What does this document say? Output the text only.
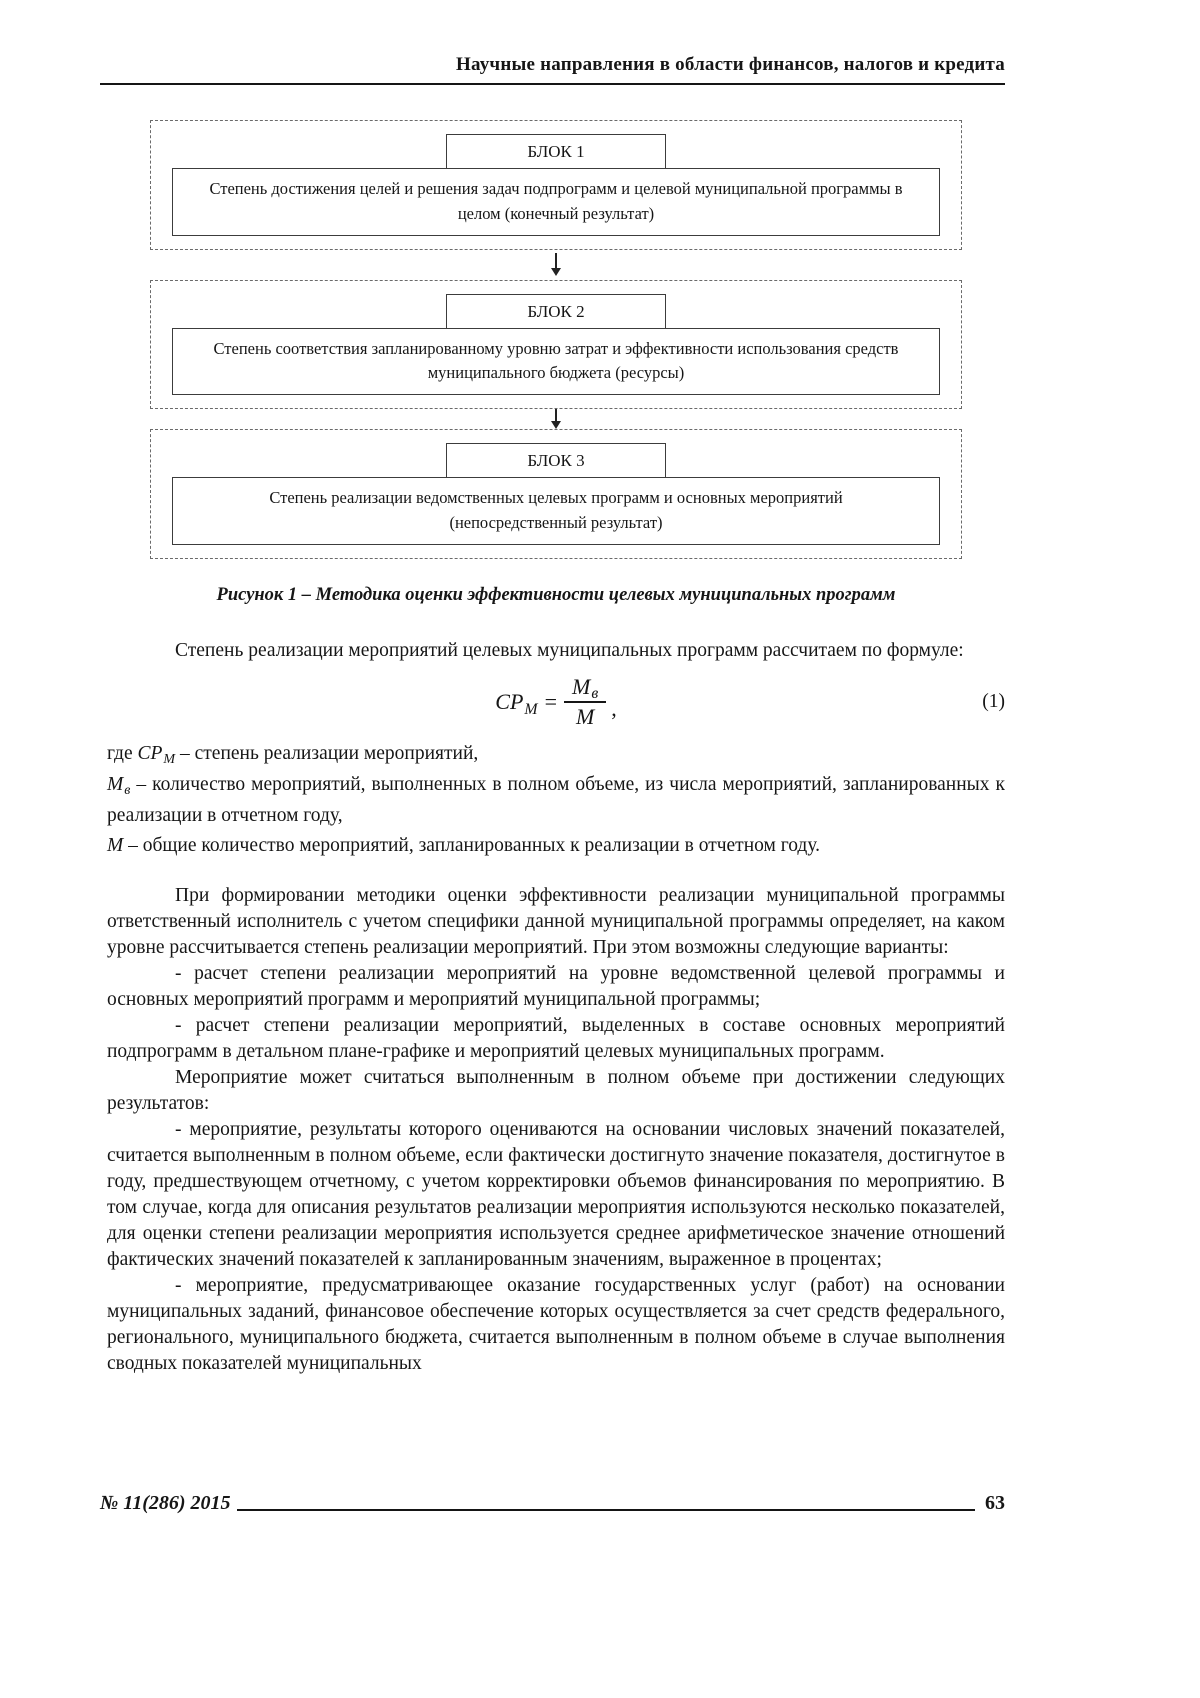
Научные направления в области финансов, налогов и кредита
БЛОК 1
Степень достижения целей и решения задач подпрограмм и целевой муниципальной программы в целом (конечный результат)
БЛОК 2
Степень соответствия запланированному уровню затрат и эффективности использования средств муниципального бюджета (ресурсы)
БЛОК 3
Степень реализации ведомственных целевых программ и основных мероприятий (непосредственный результат)
Рисунок 1 – Методика оценки эффективности целевых муниципальных программ

Степень реализации мероприятий целевых муниципальных программ рассчитаем по формуле:

$СР_М = \frac{М_в}{М}$ ,	(1)

где $СР_М$ – степень реализации мероприятий,

$М_в$ – количество мероприятий, выполненных в полном объеме, из числа мероприятий, запланированных к реализации в отчетном году,

М – общие количество мероприятий, запланированных к реализации в отчетном году.

При формировании методики оценки эффективности реализации муниципальной программы ответственный исполнитель с учетом специфики данной муниципальной программы определяет, на каком уровне рассчитывается степень реализации мероприятий. При этом возможны следующие варианты:

- расчет степени реализации мероприятий на уровне ведомственной целевой программы и основных мероприятий программ и мероприятий муниципальной программы;

- расчет степени реализации мероприятий, выделенных в составе основных мероприятий подпрограмм в детальном плане-графике и мероприятий целевых муниципальных программ.

Мероприятие может считаться выполненным в полном объеме при достижении следующих результатов:

- мероприятие, результаты которого оцениваются на основании числовых значений показателей, считается выполненным в полном объеме, если фактически достигнуто значение показателя, достигнутое в году, предшествующем отчетному, с учетом корректировки объемов финансирования по мероприятию. В том случае, когда для описания результатов реализации мероприятия используются несколько показателей, для оценки степени реализации мероприятия используется среднее арифметическое значение отношений фактических значений показателей к запланированным значениям, выраженное в процентах;

- мероприятие, предусматривающее оказание государственных услуг (работ) на основании муниципальных заданий, финансовое обеспечение которых осуществляется за счет средств федерального, регионального, муниципального бюджета, считается выполненным в полном объеме в случае выполнения сводных показателей муниципальных

№ 11(286) 2015	63
